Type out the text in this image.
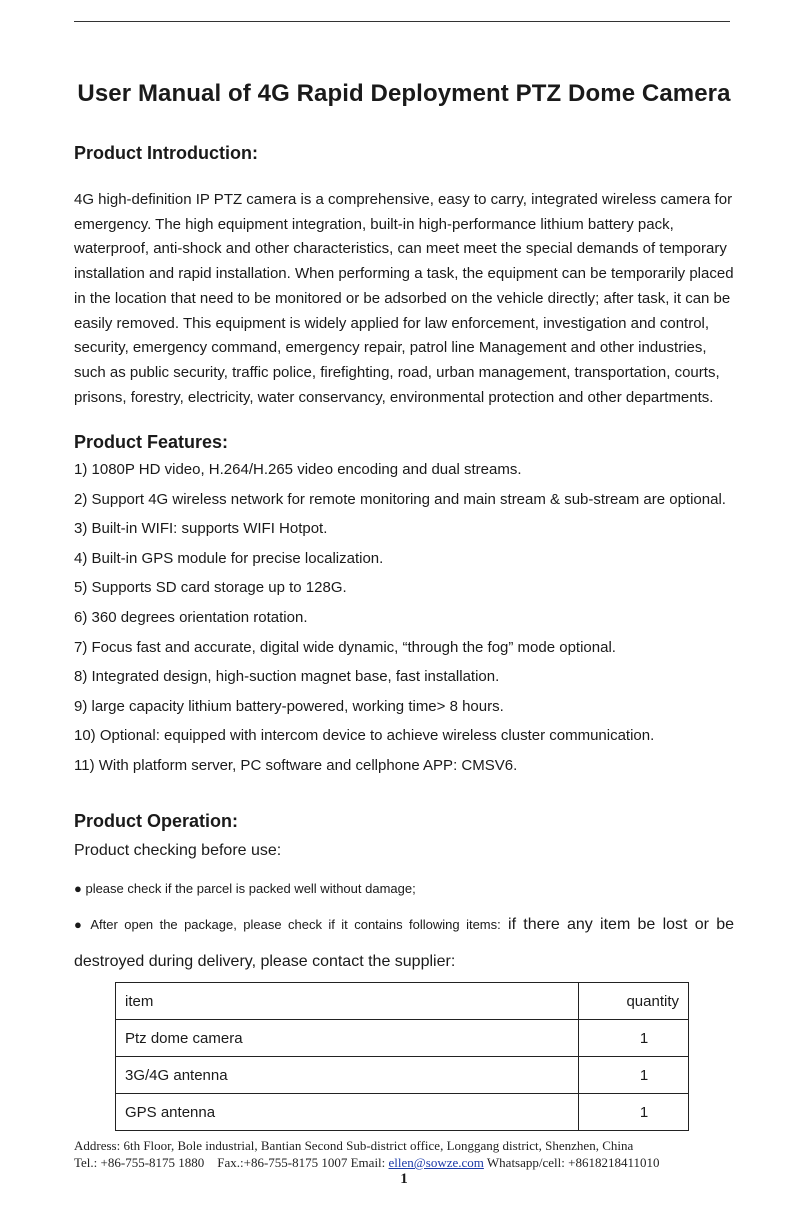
User Manual of 4G Rapid Deployment PTZ Dome Camera
Product Introduction:

4G high-definition IP PTZ camera is a comprehensive, easy to carry, integrated wireless camera for emergency. The high equipment integration, built-in high-performance lithium battery pack, waterproof, anti-shock and other characteristics, can meet meet the special demands of temporary installation and rapid installation. When performing a task, the equipment can be temporarily placed in the location that need to be monitored or be adsorbed on the vehicle directly; after task, it can be easily removed. This equipment is widely applied for law enforcement, investigation and control, security, emergency command, emergency repair, patrol line Management and other industries, such as public security, traffic police, firefighting, road, urban management, transportation, courts, prisons, forestry, electricity, water conservancy, environmental protection and other departments.

Product Features:
1) 1080P HD video, H.264/H.265 video encoding and dual streams.
2) Support 4G wireless network for remote monitoring and main stream & sub-stream are optional.
3) Built-in WIFI: supports WIFI Hotpot.
4) Built-in GPS module for precise localization.
5) Supports SD card storage up to 128G.
6) 360 degrees orientation rotation.
7) Focus fast and accurate, digital wide dynamic, “through the fog” mode optional.
8) Integrated design, high-suction magnet base, fast installation.
9) large capacity lithium battery-powered, working time> 8 hours.
10) Optional: equipped with intercom device to achieve wireless cluster communication.
11) With platform server, PC software and cellphone APP: CMSV6.
Product Operation:
Product checking before use:
● please check if the parcel is packed well without damage;
● After open the package, please check if it contains following items: if there any item be lost or be
destroyed during delivery, please contact the supplier:
item	quantity
Ptz dome camera	1
3G/4G antenna	1
GPS antenna	1
Address: 6th Floor, Bole industrial, Bantian Second Sub-district office, Longgang district, Shenzhen, China
Tel.: +86-755-8175 1880    Fax.:+86-755-8175 1007 Email: ellen@sowze.com Whatsapp/cell: +8618218411010
1
